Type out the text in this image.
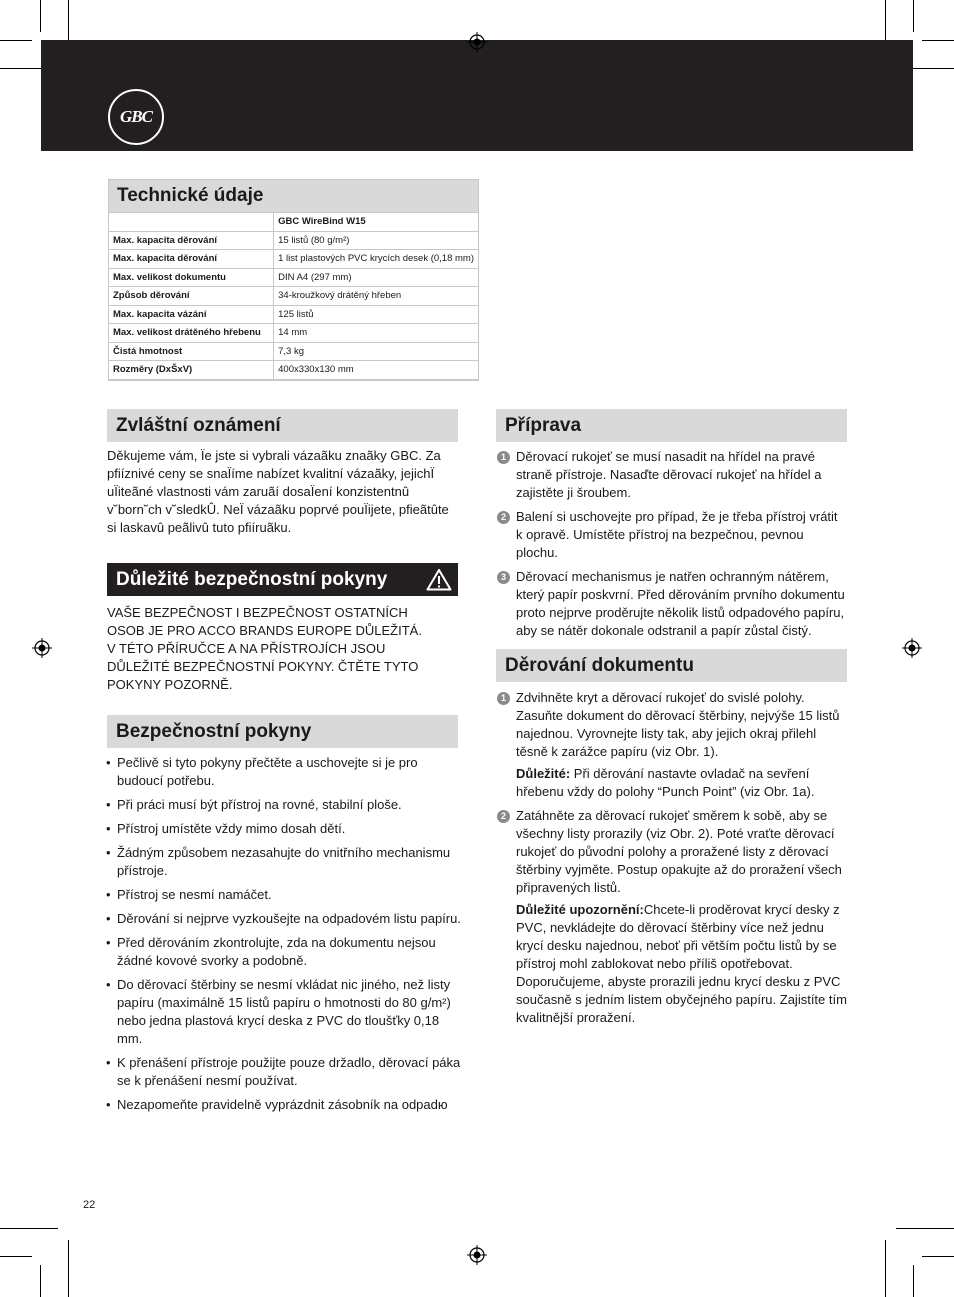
GBC
Technické údaje
	GBC WireBind W15
Max. kapacita děrování	15 listů (80 g/m²)
Max. kapacita děrování	1 list plastových PVC krycích desek (0,18 mm)
Max. velikost dokumentu	DIN A4 (297 mm)
Způsob děrování	34-kroužkový drátěný hřeben
Max. kapacita vázání	125 listů
Max. velikost drátěného hřebenu	14 mm
Čistá hmotnost	7,3 kg
Rozměry (DxŠxV)	400x330x130 mm
Zvláštní oznámení
Děkujeme vám, Ïe jste si vybrali vázaãku znaãky GBC. Za pfiíznivé ceny se snaÏíme nabízet kvalitní vázaãky, jejichÏ uÏiteãné vlastnosti vám zaruãí dosaÏení konzistentnû v˘born˘ch v˘sledkÛ. NeÏ vázaãku poprvé pouÏijete, pfieãtûte si laskavû peãlivû tuto pfiíruãku.
Důležité bezpečnostní pokyny
VAŠE BEZPEČNOST I BEZPEČNOST OSTATNÍCH OSOB JE PRO ACCO BRANDS EUROPE DŮLEŽITÁ. V TÉTO PŘÍRUČCE A NA PŘÍSTROJÍCH JSOU DŮLEŽITÉ BEZPEČNOSTNÍ POKYNY. ČTĚTE TYTO POKYNY POZORNĚ.
Bezpečnostní pokyny
• Pečlivě si tyto pokyny přečtěte a uschovejte si je pro budoucí potřebu.
• Při práci musí být přístroj na rovné, stabilní ploše.
• Přístroj umístěte vždy mimo dosah dětí.
• Žádným způsobem nezasahujte do vnitřního mechanismu přístroje.
• Přístroj se nesmí namáčet.
• Děrování si nejprve vyzkoušejte na odpadovém listu papíru.
• Před děrováním zkontrolujte, zda na dokumentu nejsou žádné kovové svorky a podobně.
• Do děrovací štěrbiny se nesmí vkládat nic jiného, než listy papíru (maximálně 15 listů papíru o hmotnosti do 80 g/m²) nebo jedna plastová krycí deska z PVC do tloušťky 0,18 mm.
• K přenášení přístroje použijte pouze držadlo, děrovací páka se k přenášení nesmí používat.
• Nezapomeňte pravidelně vyprázdnit zásobník na odpadю
Příprava
1 Děrovací rukojeť se musí nasadit na hřídel na pravé straně přístroje. Nasaďte děrovací rukojeť na hřídel a zajistěte ji šroubem.
2 Balení si uschovejte pro případ, že je třeba přístroj vrátit k opravě. Umístěte přístroj na bezpečnou, pevnou plochu.
3 Děrovací mechanismus je natřen ochranným nátěrem, který papír poskvrní. Před děrováním prvního dokumentu proto nejprve proděrujte několik listů odpadového papíru, aby se nátěr dokonale odstranil a papír zůstal čistý.
Děrování dokumentu
1 Zdvihněte kryt a děrovací rukojeť do svislé polohy. Zasuňte dokument do děrovací štěrbiny, nejvýše 15 listů najednou. Vyrovnejte listy tak, aby jejich okraj přilehl těsně k zarážce papíru (viz Obr. 1).
Důležité: Při děrování nastavte ovladač na sevření hřebenu vždy do polohy “Punch Point” (viz Obr. 1a).
2 Zatáhněte za děrovací rukojeť směrem k sobě, aby se všechny listy prorazily (viz Obr. 2). Poté vraťte děrovací rukojeť do původní polohy a proražené listy z děrovací štěrbiny vyjměte. Postup opakujte až do proražení všech připravených listů.
Důležité upozornění:Chcete-li proděrovat krycí desky z PVC, nevkládejte do děrovací štěrbiny více než jednu krycí desku najednou, neboť při větším počtu listů by se přístroj mohl zablokovat nebo příliš opotřebovat. Doporučujeme, abyste prorazili jednu krycí desku z PVC současně s jedním listem obyčejného papíru. Zajistíte tím kvalitnější proražení.
22
